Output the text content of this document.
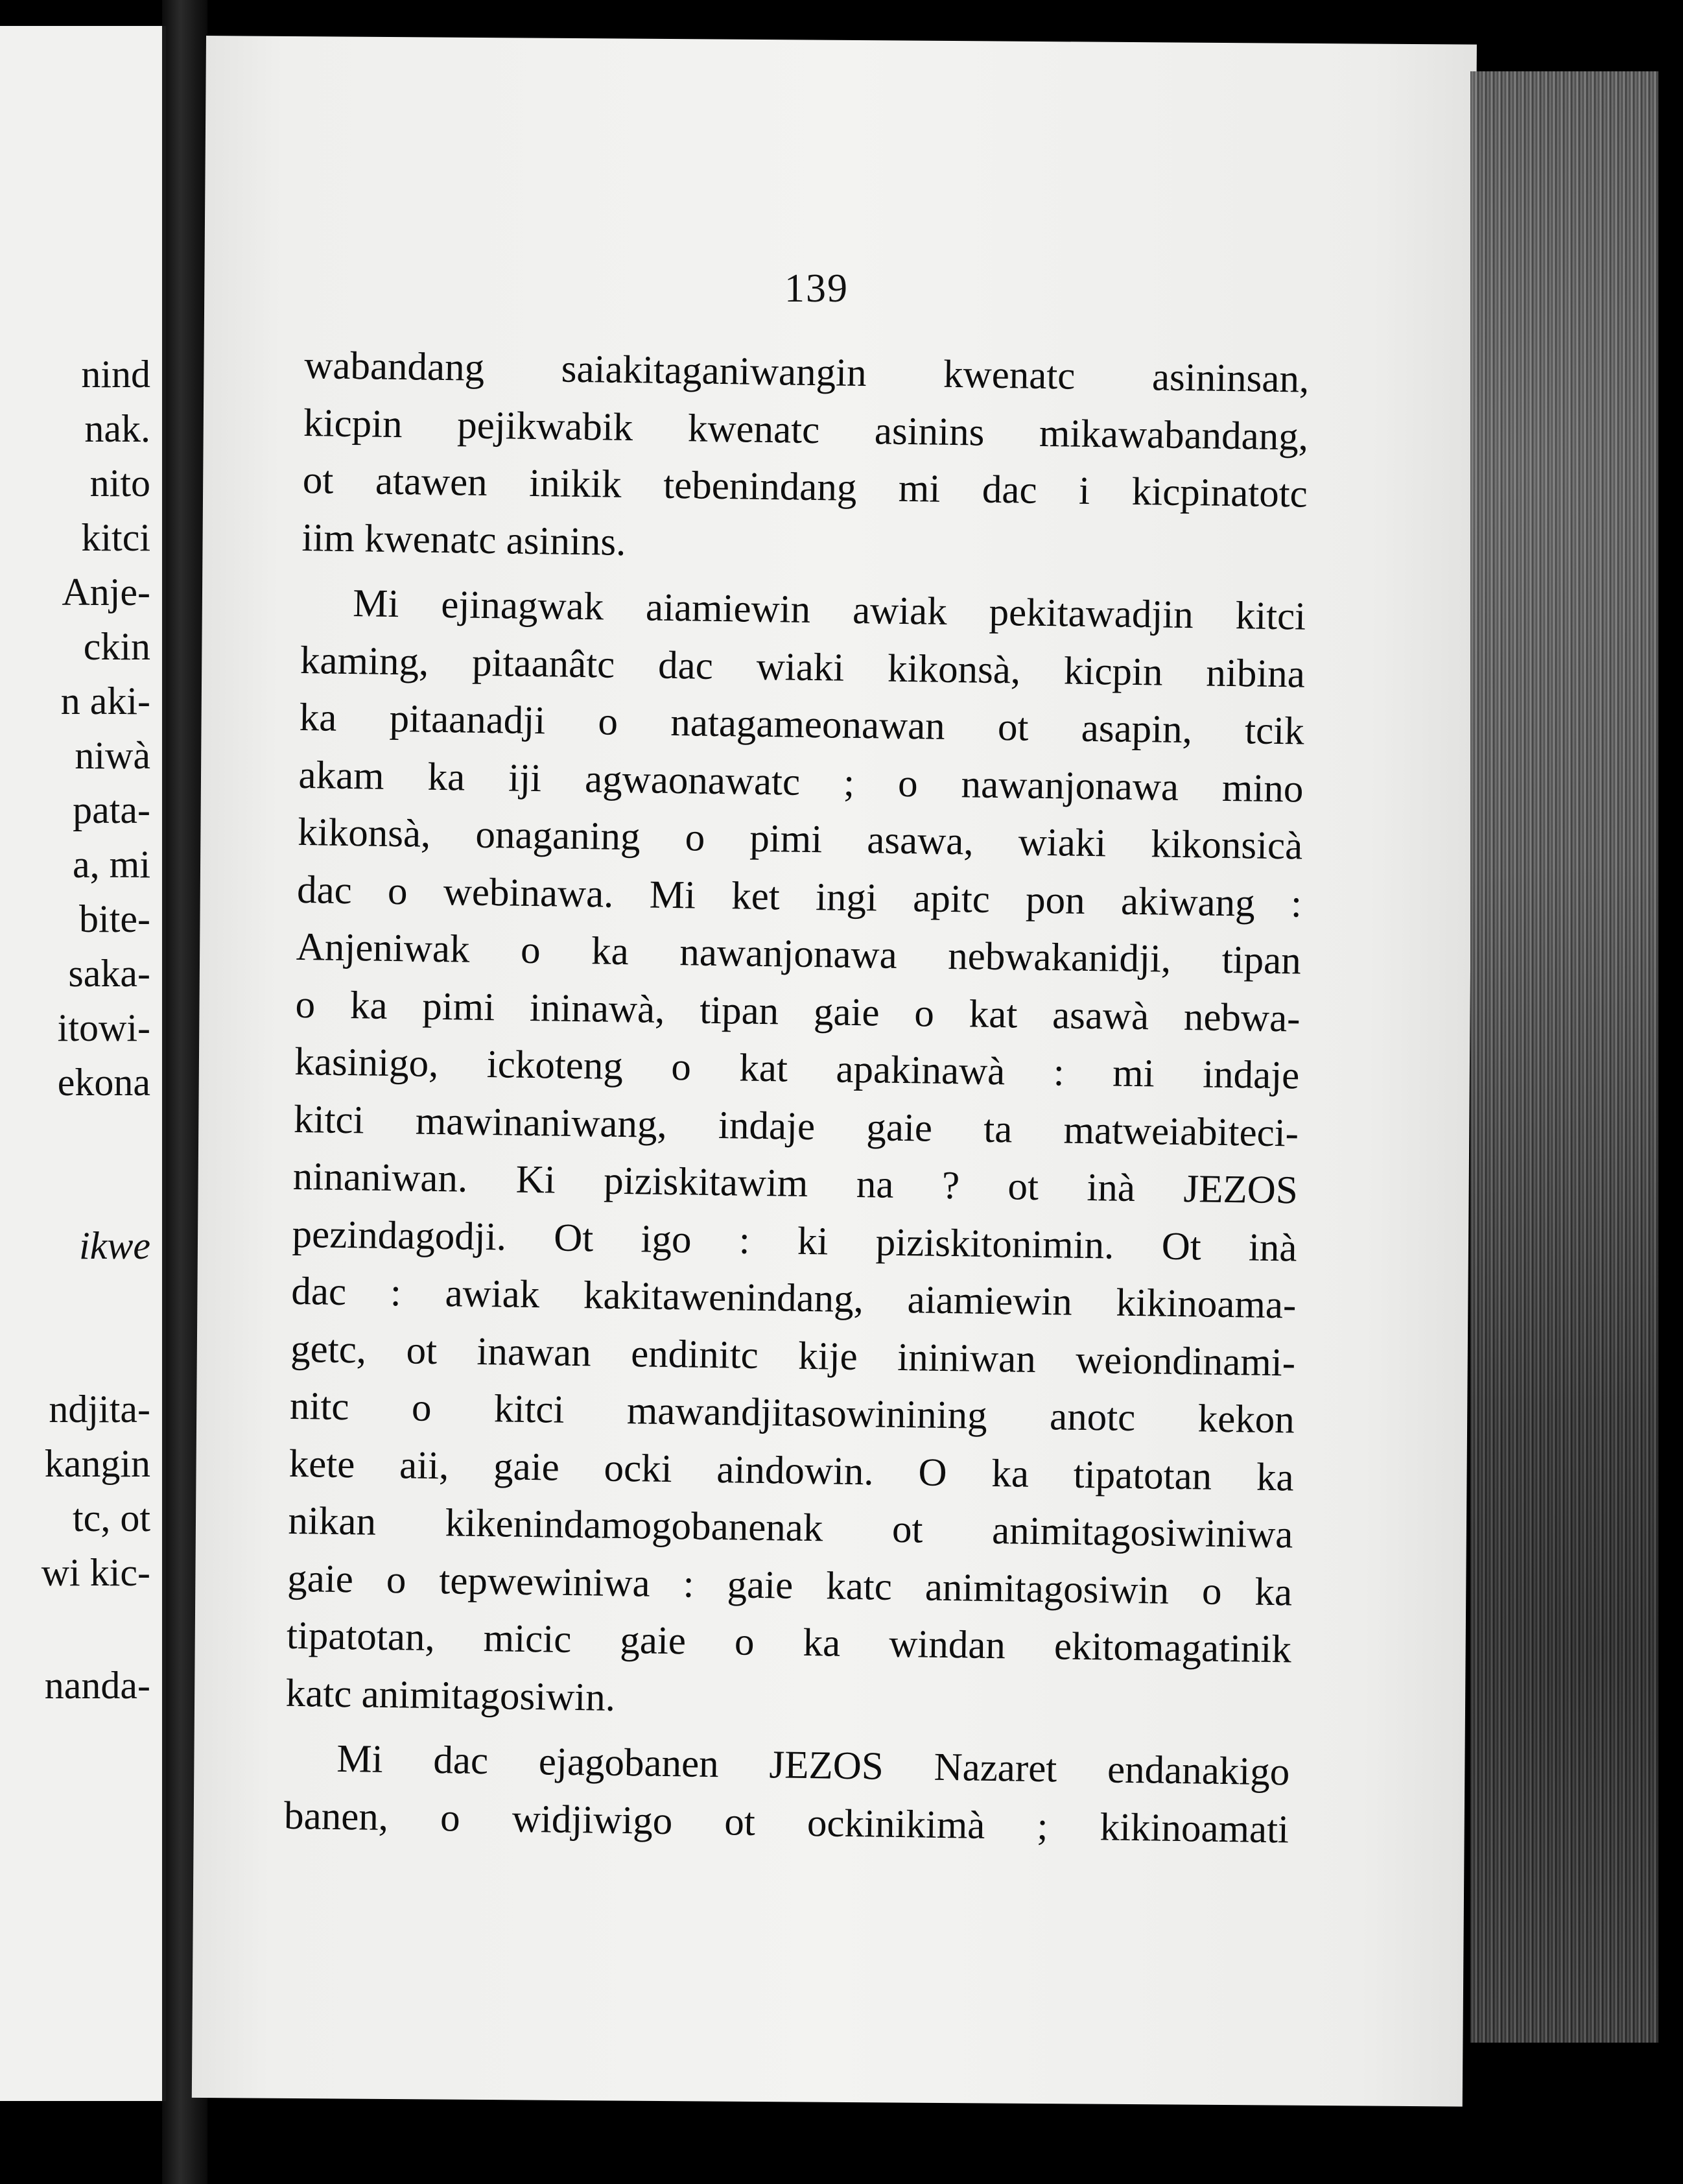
nind
nak.
nito
kitci
Anje-
ckin
n aki-
niwà
pata-
a, mi
bite-
saka-
itowi-
ekona
ikwe
ndjita-
kangin
tc, ot
wi kic-
nanda-
139
wabandang saiakitaganiwangin kwenatc asininsan,
kicpin pejikwabik kwenatc asinins mikawabandang,
ot atawen inikik tebenindang mi dac i kicpinatotc
iim kwenatc asinins.
Mi ejinagwak aiamiewin awiak pekitawadjin kitci
kaming, pitaanâtc dac wiaki kikonsà, kicpin nibina
ka pitaanadji o natagameonawan ot asapin, tcik
akam ka iji agwaonawatc ; o nawanjonawa mino
kikonsà, onaganing o pimi asawa, wiaki kikonsicà
dac o webinawa. Mi ket ingi apitc pon akiwang :
Anjeniwak o ka nawanjonawa nebwakanidji, tipan
o ka pimi ininawà, tipan gaie o kat asawà nebwa-
kasinigo, ickoteng o kat apakinawà : mi indaje
kitci mawinaniwang, indaje gaie ta matweiabiteci-
ninaniwan. Ki piziskitawim na ? ot inà JEZOS
pezindagodji. Ot igo : ki piziskitonimin. Ot inà
dac : awiak kakitawenindang, aiamiewin kikinoama-
getc, ot inawan endinitc kije ininiwan weiondinami-
nitc o kitci mawandjitasowinining anotc kekon
kete aii, gaie ocki aindowin. O ka tipatotan ka
nikan kikenindamogobanenak ot animitagosiwiniwa
gaie o tepwewiniwa : gaie katc animitagosiwin o ka
tipatotan, micic gaie o ka windan ekitomagatinik
katc animitagosiwin.
Mi dac ejagobanen JEZOS Nazaret endanakigo
banen, o widjiwigo ot ockinikimà ; kikinoamati
